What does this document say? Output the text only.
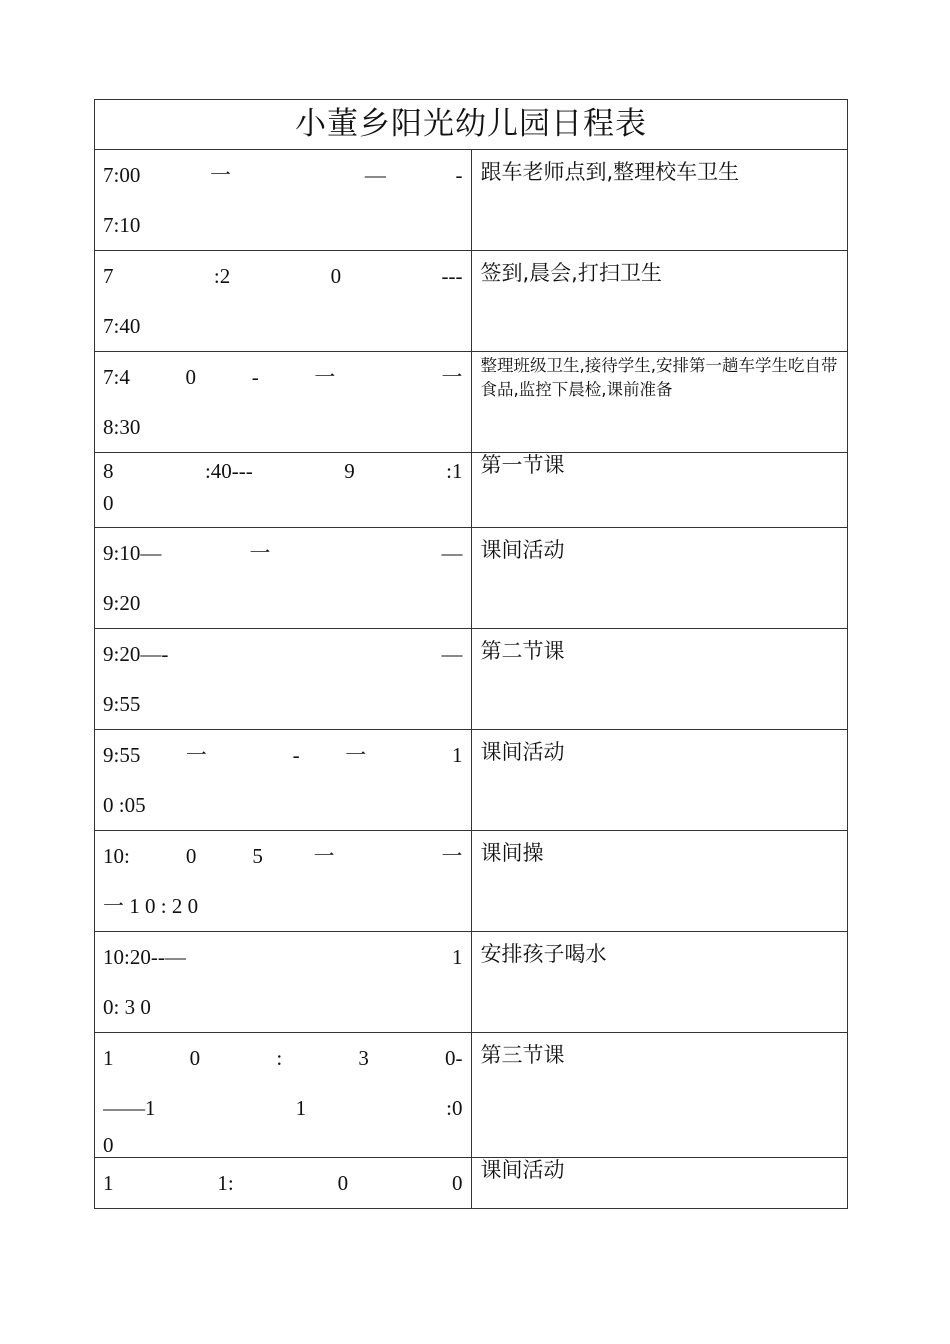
小董乡阳光幼儿园日程表	

7:00 一 — -
7:10	跟车老师点到,整理校车卫生

7 :2 0 ---
7:40	签到,晨会,打扫卫生

7:4 0 - 一 一
8:30	整理班级卫生,接待学生,安排第一趟车学生吃自带食品,监控下晨检,课前准备

8 :40--- 9 :1
0	第一节课

9:10— 一 —
9:20	课间活动

9:20—- —
9:55	第二节课

9:55 一 - 一 1
0 :05	课间活动

10: 0 5一 一
一 1 0 : 2 0	课间操

10:20--— 1
0: 3 0	安排孩子喝水

1 0 : 3 0-
——1 1 :0
0	第三节课

1 1: 0 0	课间活动
